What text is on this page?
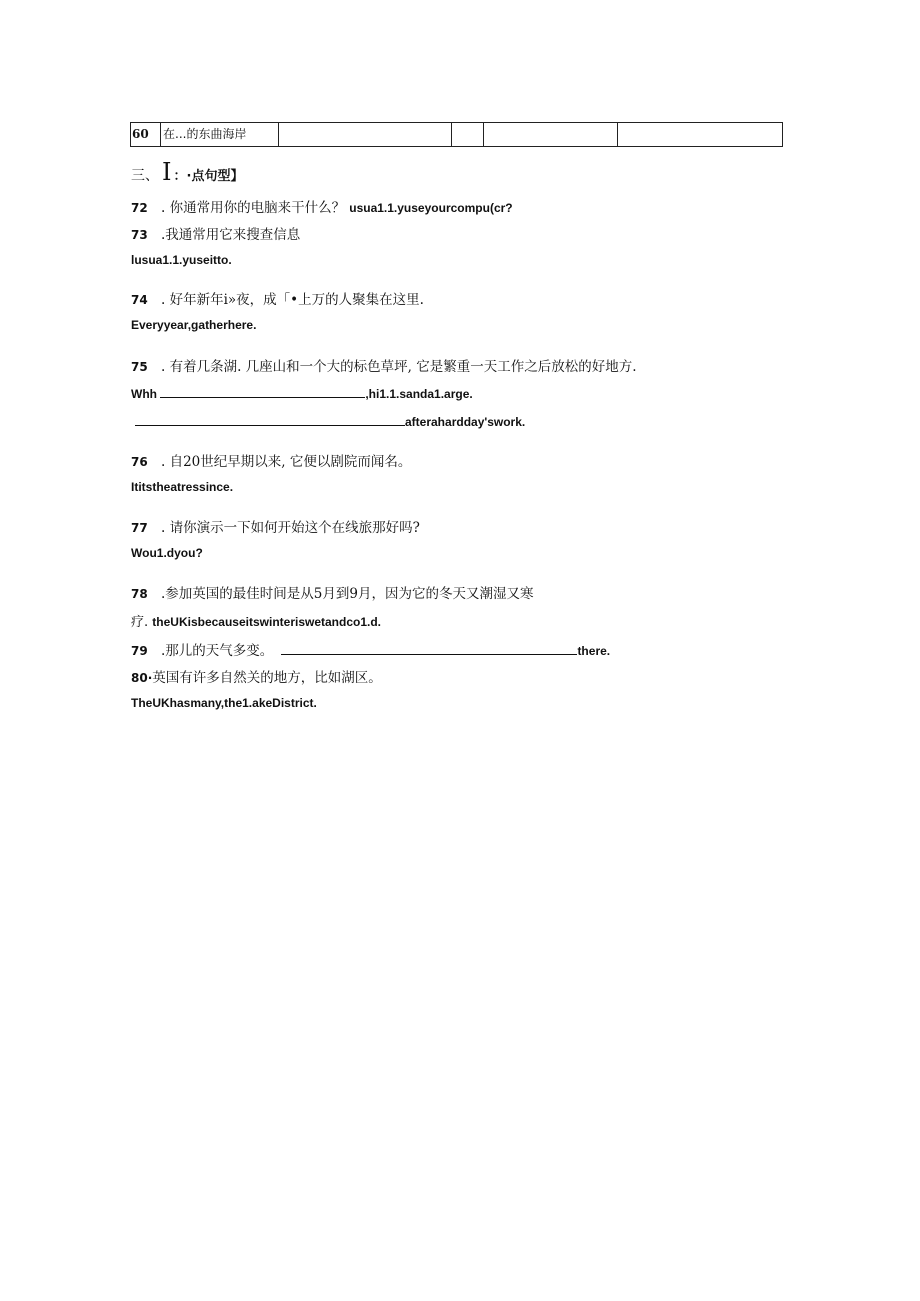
60	在...的东曲海岸
三、 I ： ·点句型】
72 . 你通常用你的电脑来干什么？ usua1.1.yuseyourcompu(cr?
73 .我通常用它来搜查信息
lusua1.1.yuseitto.
74 . 好年新年i»夜，成「•上万的人聚集在这里.
Everyyear,gatherhere.
75 . 有着几条湖. 几座山和一个大的标色草坪, 它是繁重一天工作之后放松的好地方.
Whh	,hi1.1.sanda1.arge.
afterahardday'swork.
76 . 自20世纪早期以来, 它便以剧院而闻名。
Ititstheatressince.
77 . 请你演示一下如何开始这个在线旅那好吗?
Wou1.dyou?
78 .参加英国的最佳时间是从5月到9月，因为它的冬天又潮湿又寒
疗. theUKisbecauseitswinteriswetandco1.d.
79 .那儿的天气多变。	there.
80·英国有许多自然关的地方，比如湖区。
TheUKhasmany,the1.akeDistrict.
